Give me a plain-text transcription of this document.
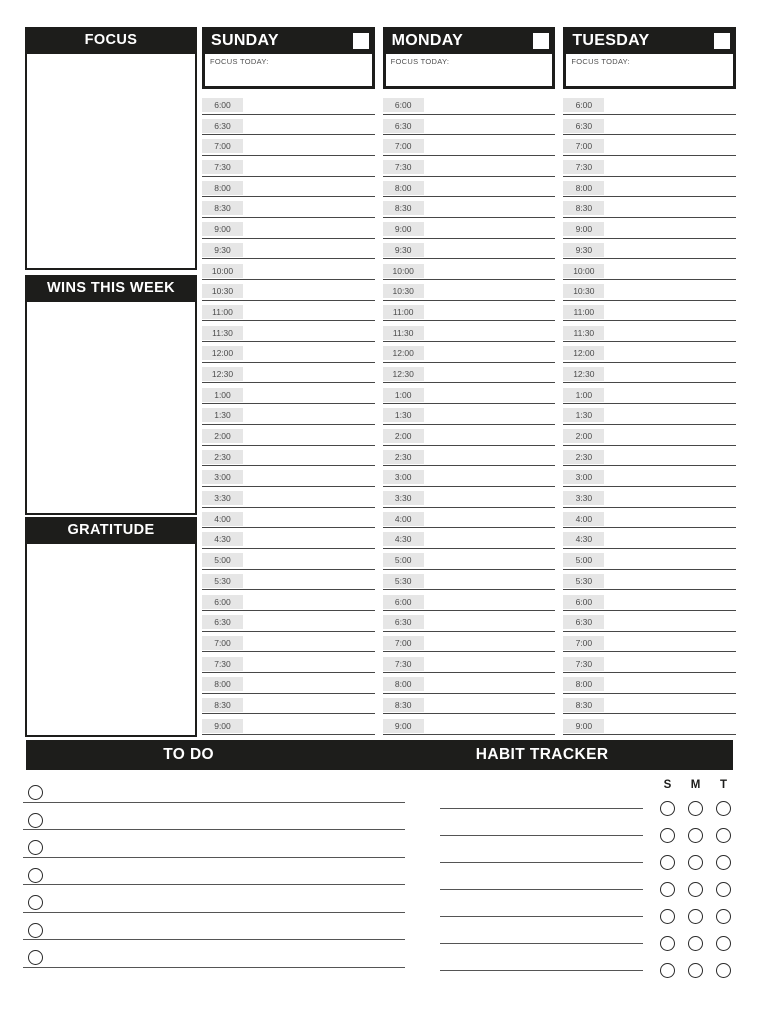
FOCUS
WINS THIS WEEK
GRATITUDE
SUNDAY
FOCUS TODAY:
6:00
6:30
7:00
7:30
8:00
8:30
9:00
9:30
10:00
10:30
11:00
11:30
12:00
12:30
1:00
1:30
2:00
2:30
3:00
3:30
4:00
4:30
5:00
5:30
6:00
6:30
7:00
7:30
8:00
8:30
9:00
MONDAY
FOCUS TODAY:
6:00
6:30
7:00
7:30
8:00
8:30
9:00
9:30
10:00
10:30
11:00
11:30
12:00
12:30
1:00
1:30
2:00
2:30
3:00
3:30
4:00
4:30
5:00
5:30
6:00
6:30
7:00
7:30
8:00
8:30
9:00
TUESDAY
FOCUS TODAY:
6:00
6:30
7:00
7:30
8:00
8:30
9:00
9:30
10:00
10:30
11:00
11:30
12:00
12:30
1:00
1:30
2:00
2:30
3:00
3:30
4:00
4:30
5:00
5:30
6:00
6:30
7:00
7:30
8:00
8:30
9:00
TO DO	HABIT TRACKER
S	M	T
